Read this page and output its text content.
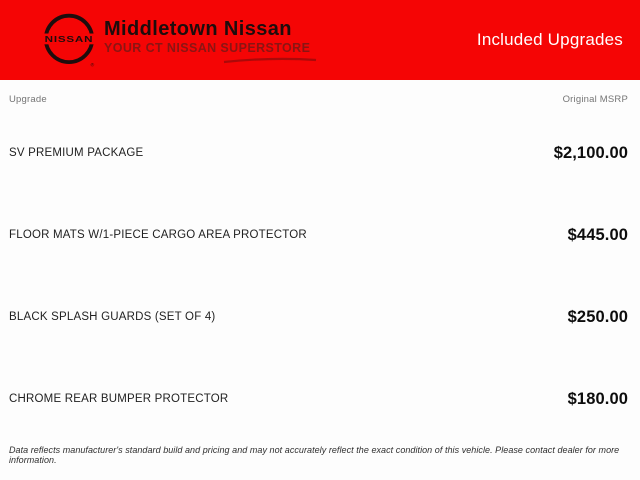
NISSAN
®
Middletown Nissan
YOUR CT NISSAN SUPERSTORE	Included Upgrades
Upgrade	Original MSRP
SV PREMIUM PACKAGE	$2,100.00
FLOOR MATS W/1-PIECE CARGO AREA PROTECTOR	$445.00
BLACK SPLASH GUARDS (SET OF 4)	$250.00
CHROME REAR BUMPER PROTECTOR	$180.00
Data reflects manufacturer's standard build and pricing and may not accurately reflect the exact condition of this vehicle. Please contact dealer for more information.
